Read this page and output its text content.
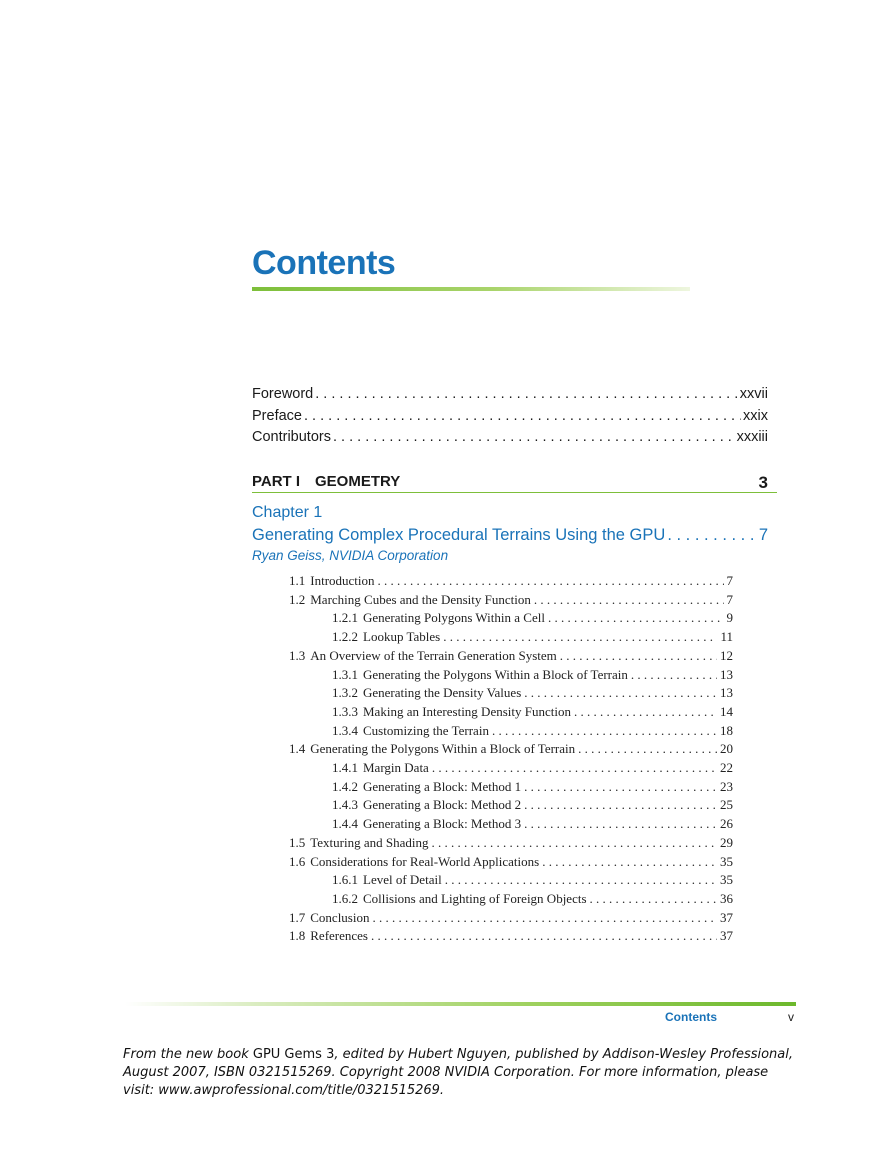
Contents
Foreword . . .	xxvii
Preface . . .	xxix
Contributors . . .	xxxiii
PART I GEOMETRY	3
Chapter 1
Generating Complex Procedural Terrains Using the GPU . . .	7
Ryan Geiss, NVIDIA Corporation
1.1 Introduction . . .	7
1.2 Marching Cubes and the Density Function . . .	7
1.2.1 Generating Polygons Within a Cell . . .	9
1.2.2 Lookup Tables . . .	11
1.3 An Overview of the Terrain Generation System . . .	12
1.3.1 Generating the Polygons Within a Block of Terrain . . .	13
1.3.2 Generating the Density Values . . .	13
1.3.3 Making an Interesting Density Function . . .	14
1.3.4 Customizing the Terrain . . .	18
1.4 Generating the Polygons Within a Block of Terrain . . .	20
1.4.1 Margin Data . . .	22
1.4.2 Generating a Block: Method 1 . . .	23
1.4.3 Generating a Block: Method 2 . . .	25
1.4.4 Generating a Block: Method 3 . . .	26
1.5 Texturing and Shading . . .	29
1.6 Considerations for Real-World Applications . . .	35
1.6.1 Level of Detail . . .	35
1.6.2 Collisions and Lighting of Foreign Objects . . .	36
1.7 Conclusion . . .	37
1.8 References . . .	37
Contents	v
From the new book GPU Gems 3, edited by Hubert Nguyen, published by Addison-Wesley Professional, August 2007, ISBN 0321515269. Copyright 2008 NVIDIA Corporation. For more information, please visit: www.awprofessional.com/title/0321515269.
